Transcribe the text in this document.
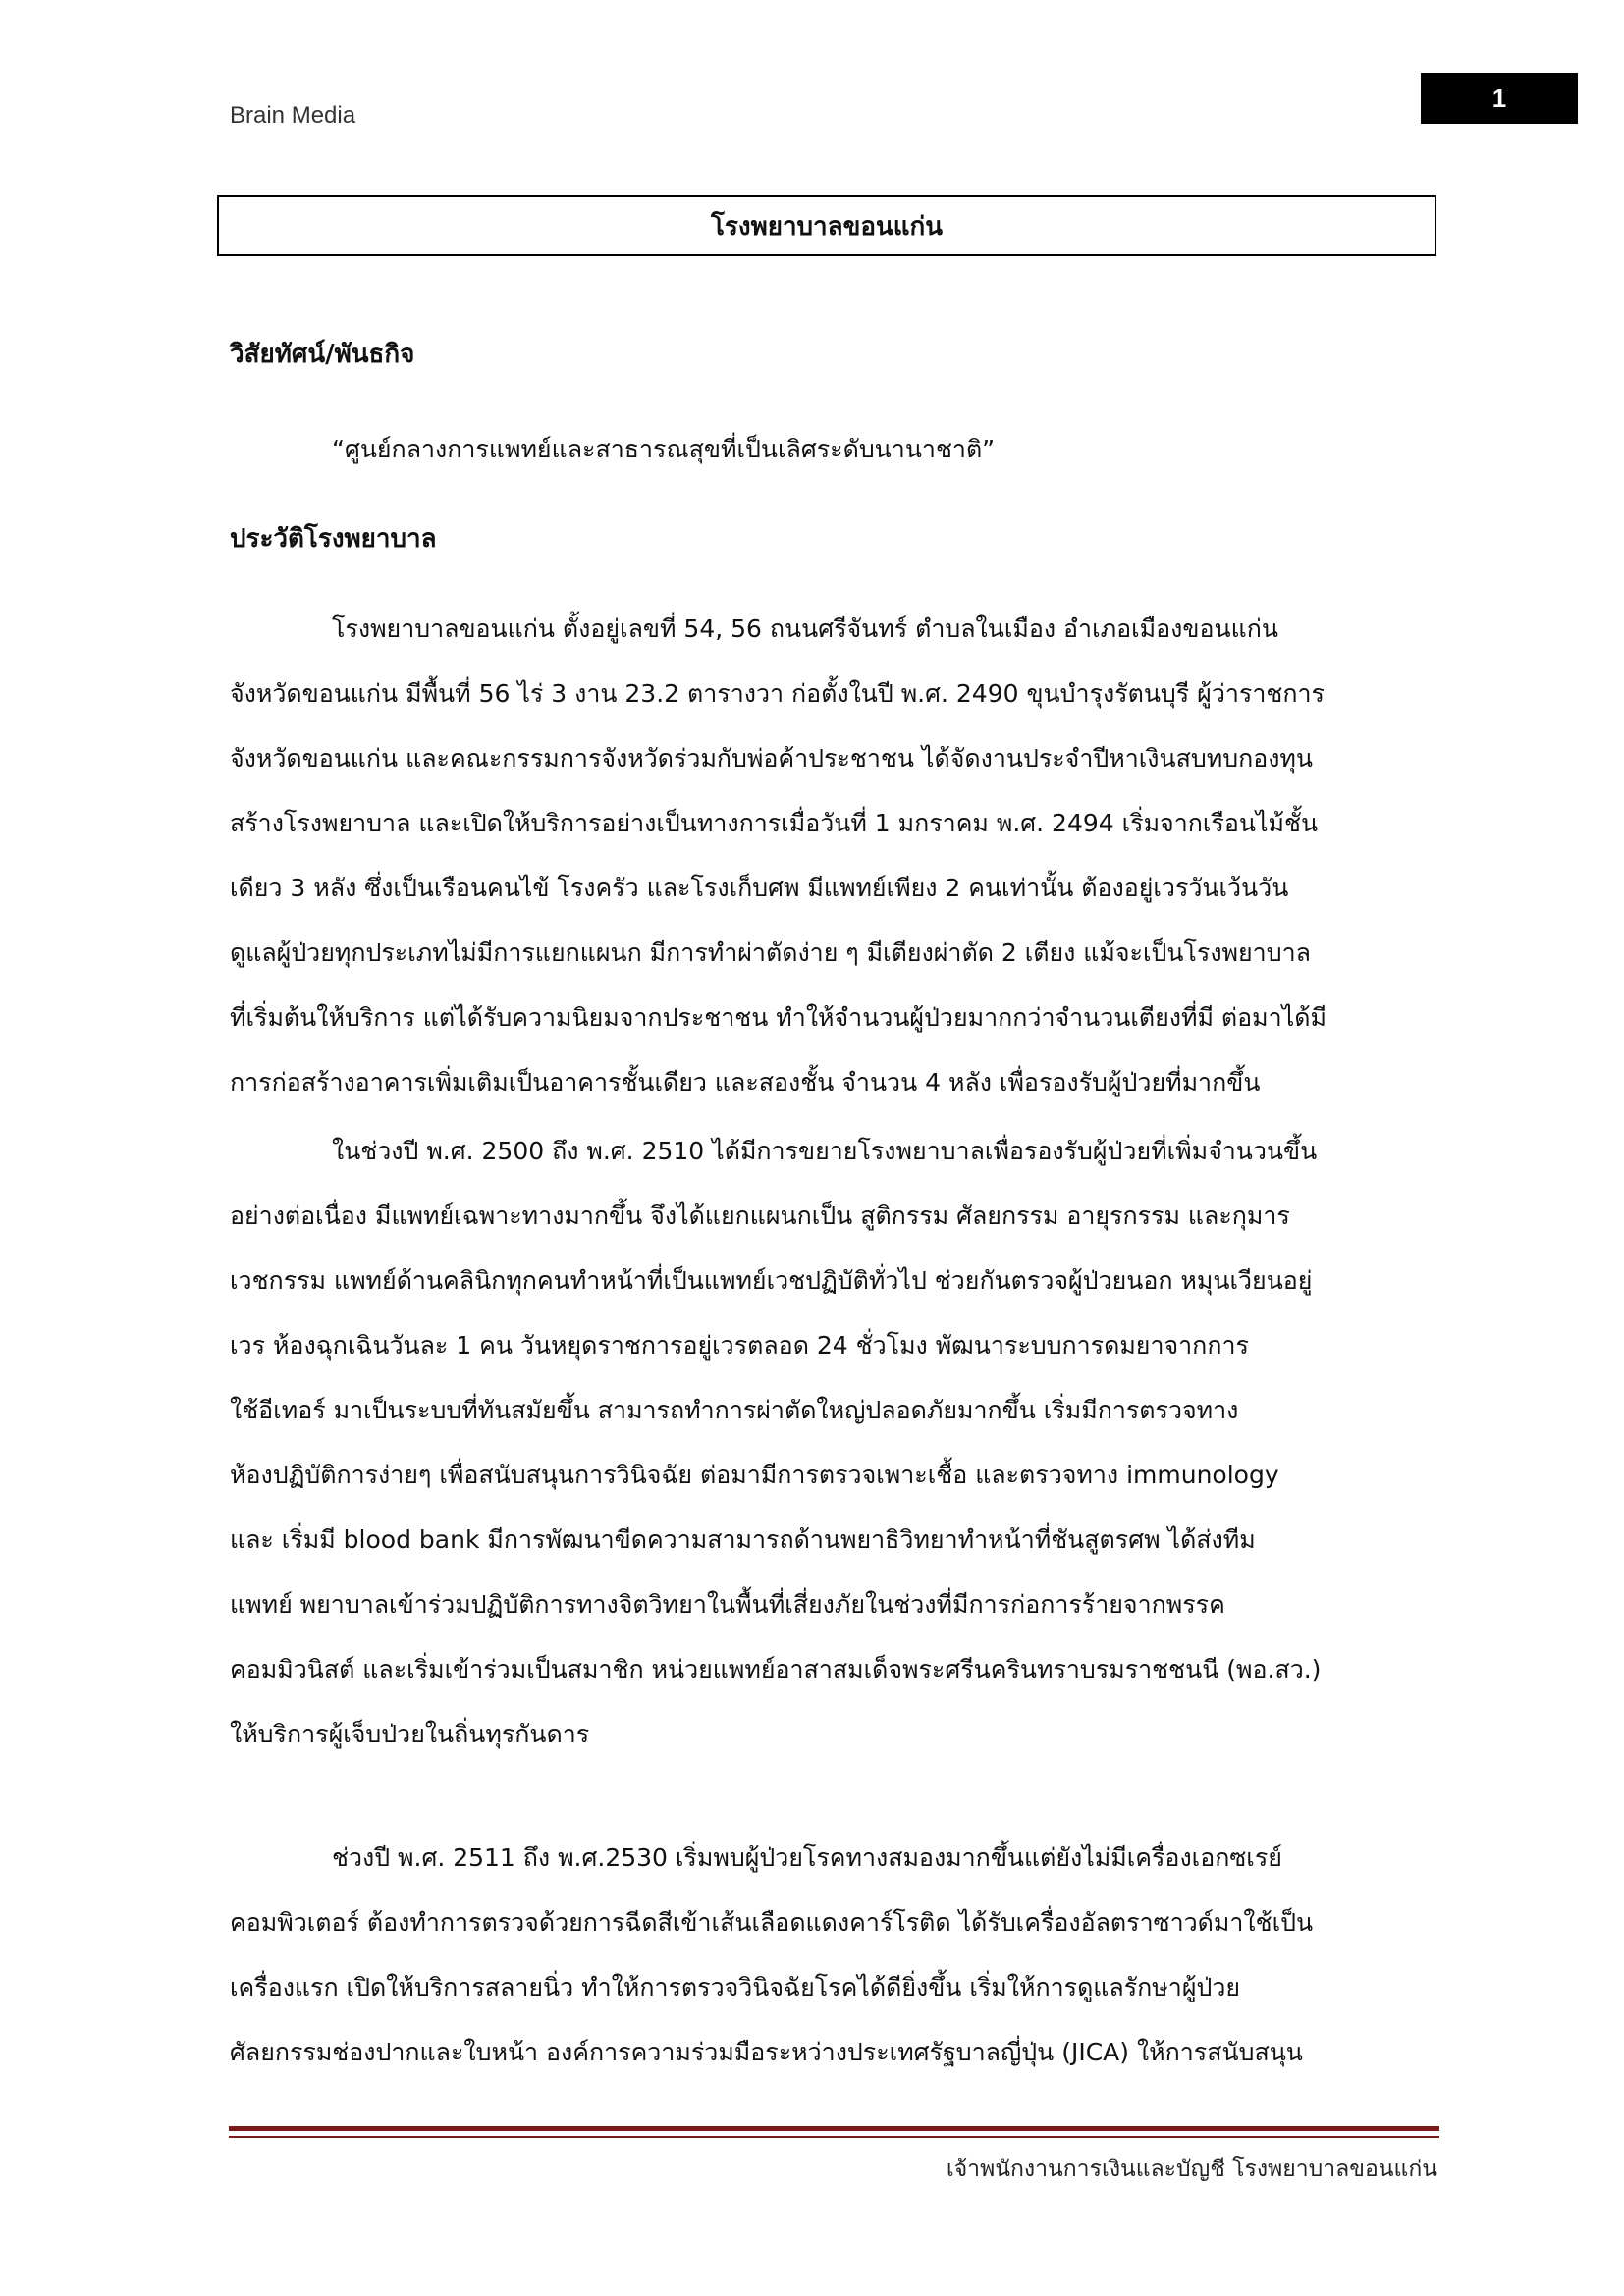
Brain Media
1
โรงพยาบาลขอนแก่น
วิสัยทัศน์/พันธกิจ
“ศูนย์กลางการแพทย์และสาธารณสุขที่เป็นเลิศระดับนานาชาติ”
ประวัติโรงพยาบาล
โรงพยาบาลขอนแก่น ตั้งอยู่เลขที่ 54, 56 ถนนศรีจันทร์ ตำบลในเมือง อำเภอเมืองขอนแก่น
จังหวัดขอนแก่น มีพื้นที่ 56 ไร่ 3 งาน 23.2 ตารางวา ก่อตั้งในปี พ.ศ. 2490 ขุนบำรุงรัตนบุรี ผู้ว่าราชการ
จังหวัดขอนแก่น และคณะกรรมการจังหวัดร่วมกับพ่อค้าประชาชน ได้จัดงานประจำปีหาเงินสบทบกองทุน
สร้างโรงพยาบาล และเปิดให้บริการอย่างเป็นทางการเมื่อวันที่ 1 มกราคม พ.ศ. 2494 เริ่มจากเรือนไม้ชั้น
เดียว 3 หลัง ซึ่งเป็นเรือนคนไข้ โรงครัว และโรงเก็บศพ มีแพทย์เพียง 2 คนเท่านั้น ต้องอยู่เวรวันเว้นวัน
ดูแลผู้ป่วยทุกประเภทไม่มีการแยกแผนก มีการทำผ่าตัดง่าย ๆ มีเตียงผ่าตัด 2 เตียง แม้จะเป็นโรงพยาบาล
ที่เริ่มต้นให้บริการ แต่ได้รับความนิยมจากประชาชน ทำให้จำนวนผู้ป่วยมากกว่าจำนวนเตียงที่มี ต่อมาได้มี
การก่อสร้างอาคารเพิ่มเติมเป็นอาคารชั้นเดียว และสองชั้น จำนวน 4 หลัง เพื่อรองรับผู้ป่วยที่มากขึ้น
ในช่วงปี พ.ศ. 2500 ถึง พ.ศ. 2510 ได้มีการขยายโรงพยาบาลเพื่อรองรับผู้ป่วยที่เพิ่มจำนวนขึ้น
อย่างต่อเนื่อง มีแพทย์เฉพาะทางมากขึ้น จึงได้แยกแผนกเป็น สูติกรรม ศัลยกรรม อายุรกรรม และกุมาร
เวชกรรม แพทย์ด้านคลินิกทุกคนทำหน้าที่เป็นแพทย์เวชปฏิบัติทั่วไป ช่วยกันตรวจผู้ป่วยนอก หมุนเวียนอยู่
เวร ห้องฉุกเฉินวันละ 1 คน วันหยุดราชการอยู่เวรตลอด 24 ชั่วโมง พัฒนาระบบการดมยาจากการ
ใช้อีเทอร์ มาเป็นระบบที่ทันสมัยขึ้น สามารถทำการผ่าตัดใหญ่ปลอดภัยมากขึ้น เริ่มมีการตรวจทาง
ห้องปฏิบัติการง่ายๆ เพื่อสนับสนุนการวินิจฉัย ต่อมามีการตรวจเพาะเชื้อ และตรวจทาง immunology
และ เริ่มมี blood bank มีการพัฒนาขีดความสามารถด้านพยาธิวิทยาทำหน้าที่ชันสูตรศพ ได้ส่งทีม
แพทย์ พยาบาลเข้าร่วมปฏิบัติการทางจิตวิทยาในพื้นที่เสี่ยงภัยในช่วงที่มีการก่อการร้ายจากพรรค
คอมมิวนิสต์ และเริ่มเข้าร่วมเป็นสมาชิก หน่วยแพทย์อาสาสมเด็จพระศรีนครินทราบรมราชชนนี (พอ.สว.)
ให้บริการผู้เจ็บป่วยในถิ่นทุรกันดาร
ช่วงปี พ.ศ. 2511 ถึง พ.ศ.2530 เริ่มพบผู้ป่วยโรคทางสมองมากขึ้นแต่ยังไม่มีเครื่องเอกซเรย์
คอมพิวเตอร์ ต้องทำการตรวจด้วยการฉีดสีเข้าเส้นเลือดแดงคาร์โรติด ได้รับเครื่องอัลตราซาวด์มาใช้เป็น
เครื่องแรก เปิดให้บริการสลายนิ่ว ทำให้การตรวจวินิจฉัยโรคได้ดียิ่งขึ้น เริ่มให้การดูแลรักษาผู้ป่วย
ศัลยกรรมช่องปากและใบหน้า องค์การความร่วมมือระหว่างประเทศรัฐบาลญี่ปุ่น (JICA) ให้การสนับสนุน
เจ้าพนักงานการเงินและบัญชี โรงพยาบาลขอนแก่น
